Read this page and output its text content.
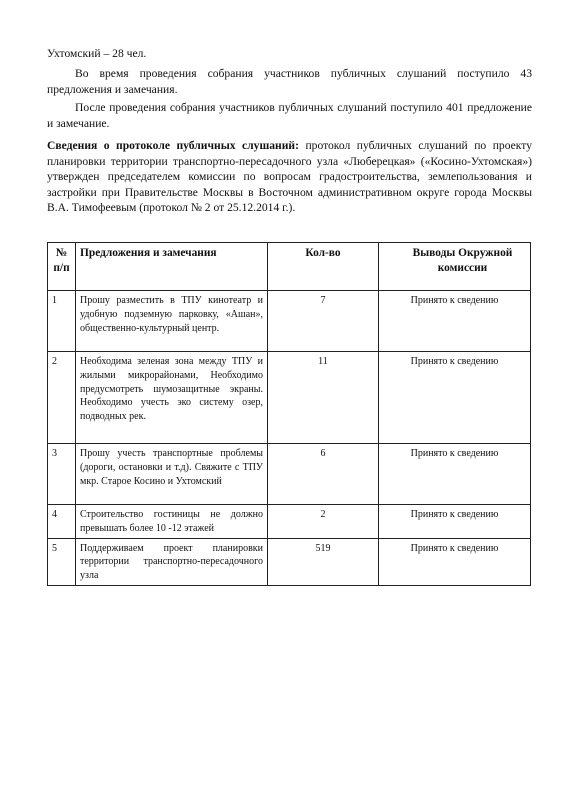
Ухтомский – 28 чел.

Во время проведения собрания участников публичных слушаний поступило 43 предложения и замечания.

После проведения собрания участников публичных слушаний поступило 401 предложение и замечание.

Сведения о протоколе публичных слушаний: протокол публичных слушаний по проекту планировки территории транспортно-пересадочного узла «Люберецкая» («Косино-Ухтомская») утвержден председателем комиссии по вопросам градостроительства, землепользования и застройки при Правительстве Москвы в Восточном административном округе города Москвы В.А. Тимофеевым (протокол № 2 от 25.12.2014 г.).

№ п/п	Предложения и замечания	Кол-во	Выводы Окружной комиссии
1	Прошу разместить в ТПУ кинотеатр и удобную подземную парковку, «Ашан», общественно-культурный центр.	7	Принято к сведению
2	Необходима зеленая зона между ТПУ и жилыми микрорайонами, Необходимо предусмотреть шумозащитные экраны. Необходимо учесть эко систему озер, подводных рек.	11	Принято к сведению
3	Прошу учесть транспортные проблемы (дороги, остановки и т.д). Свяжите с ТПУ мкр. Старое Косино и Ухтомский	6	Принято к сведению
4	Строительство гостиницы не должно превышать более 10 -12 этажей	2	Принято к сведению
5	Поддерживаем проект планировки территории транспортно-пересадочного узла	519	Принято к сведению
